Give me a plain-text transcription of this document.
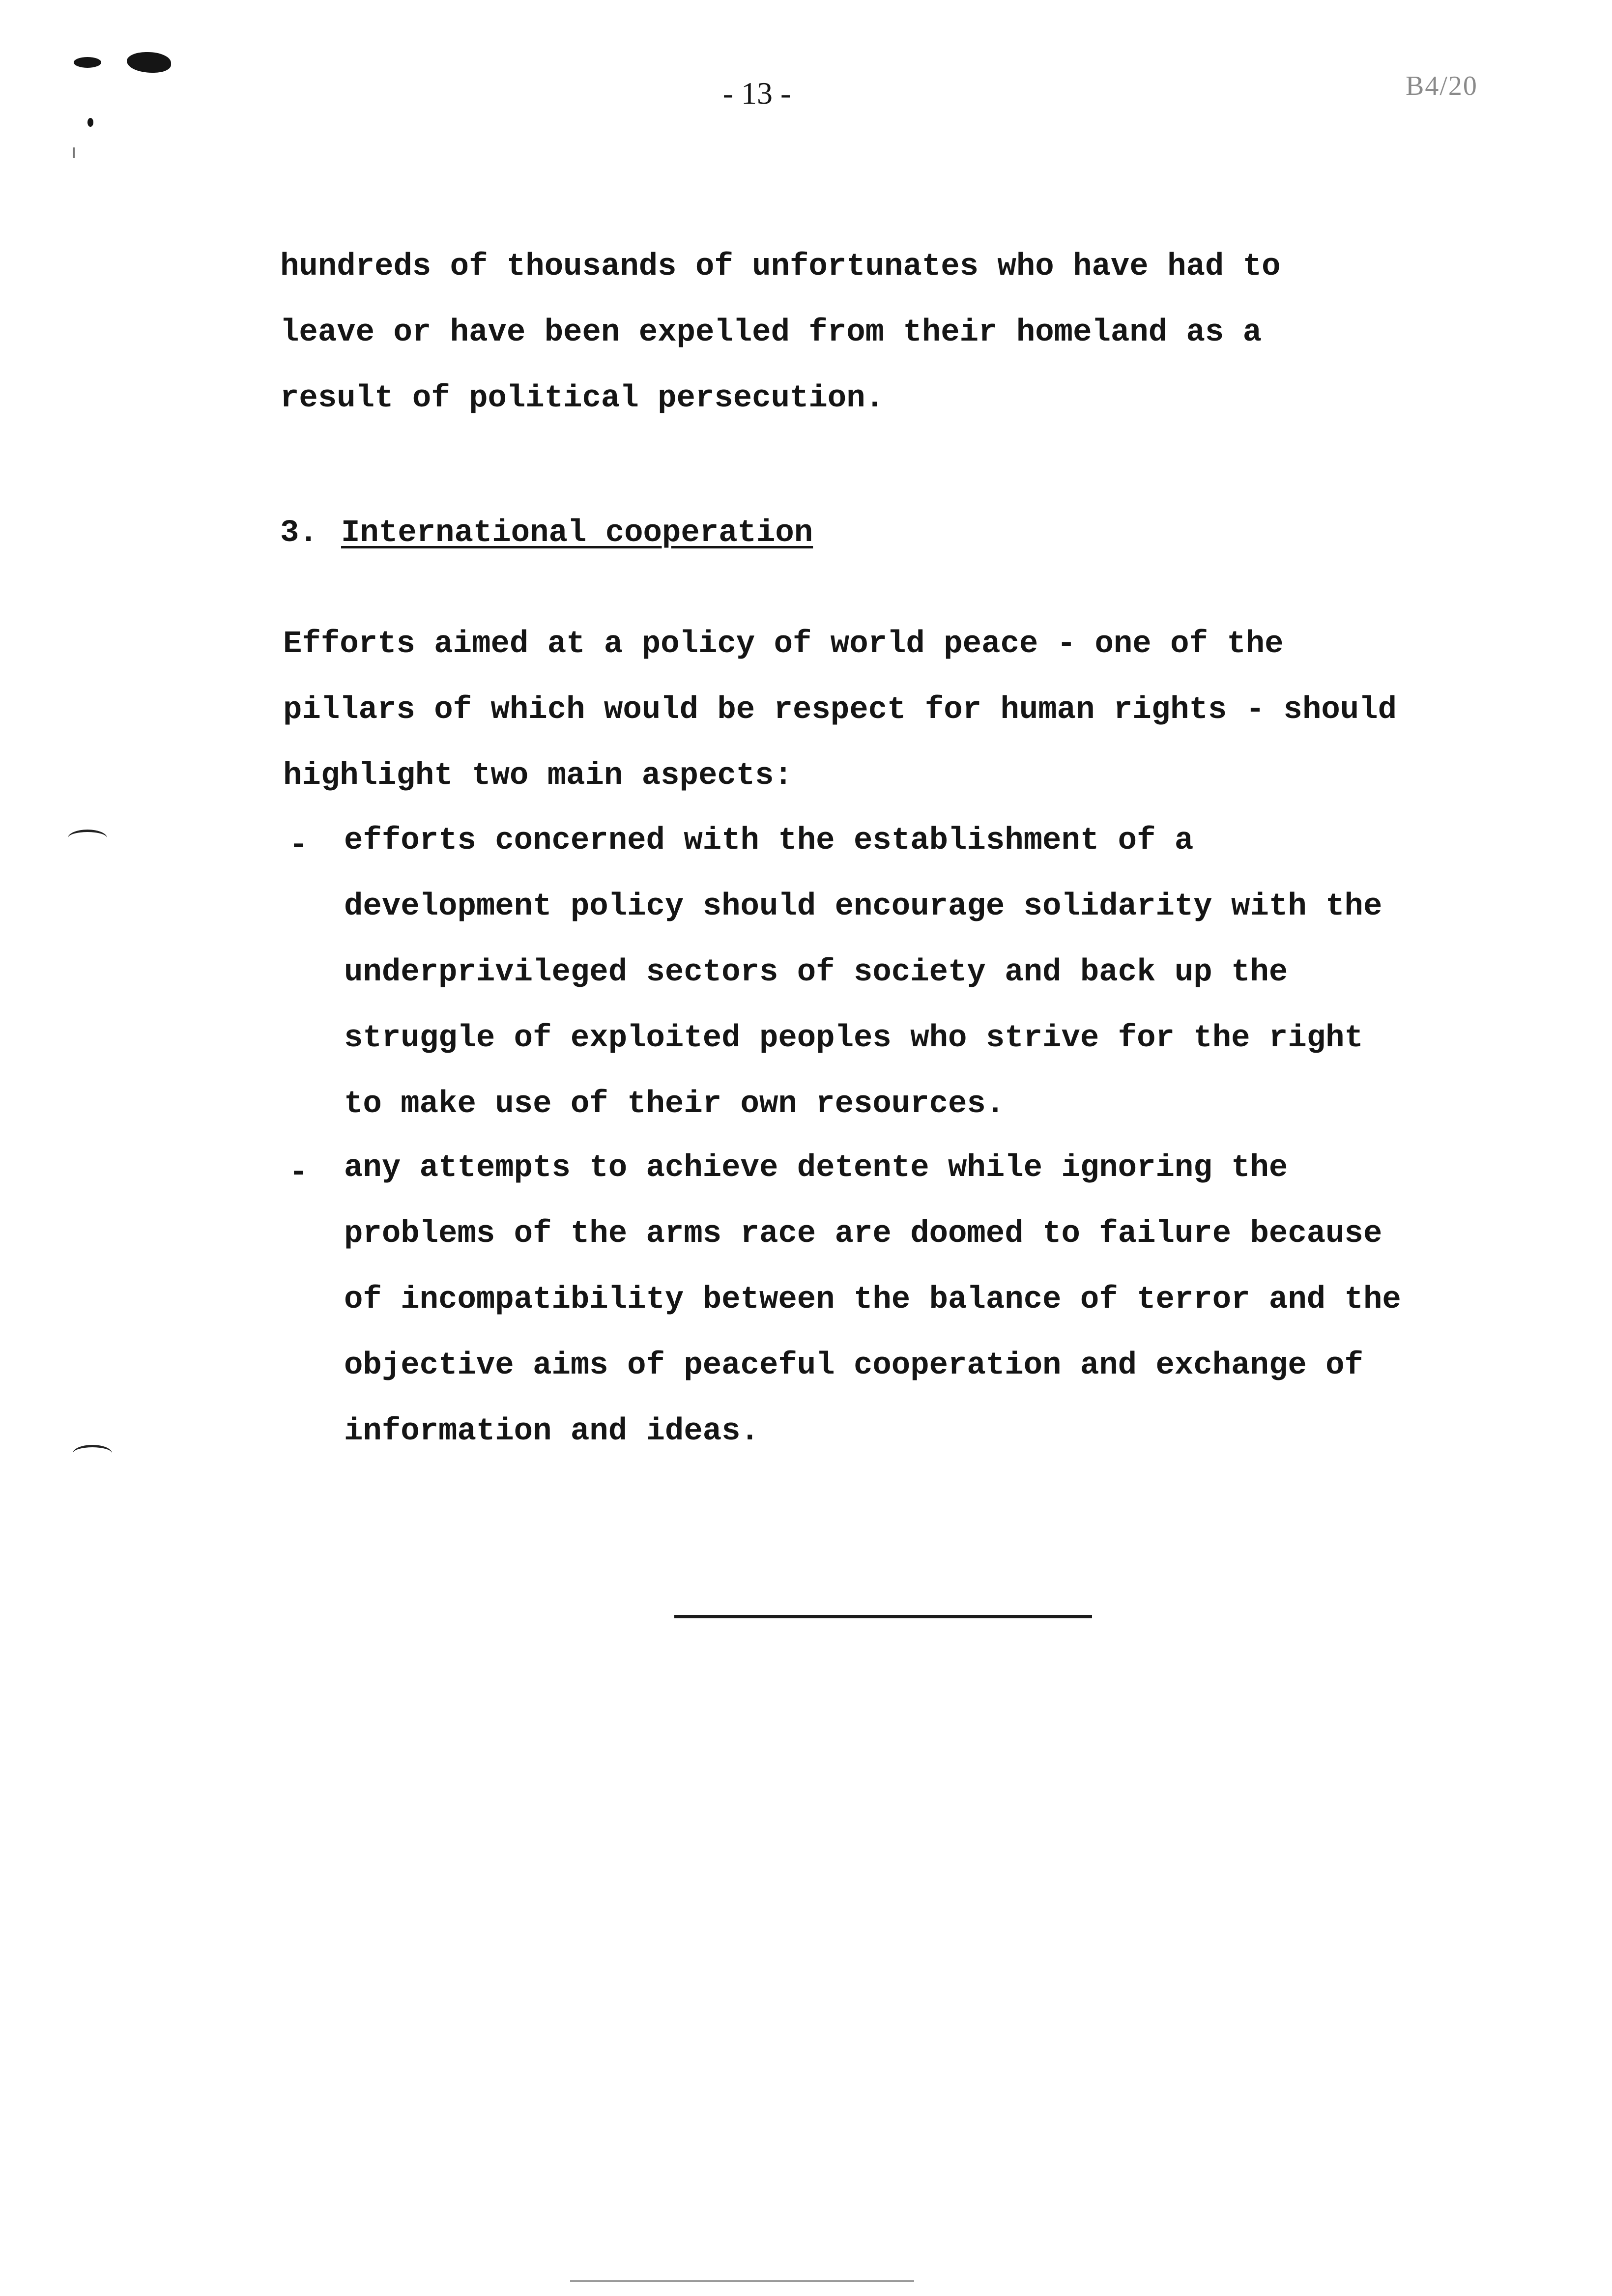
- 13 -	B4/20
hundreds of thousands of unfortunates who have had to
leave or have been expelled from their homeland as a
result of political persecution.
3. International cooperation
Efforts aimed at a policy of world peace - one of the
pillars of which would be respect for human rights - should
highlight two main aspects:
- efforts concerned with the establishment of a
development policy should encourage solidarity with the
underprivileged sectors of society and back up the
struggle of exploited peoples who strive for the right
to make use of their own resources.
- any attempts to achieve detente while ignoring the
problems of the arms race are doomed to failure because
of incompatibility between the balance of terror and the
objective aims of peaceful cooperation and exchange of
information and ideas.
